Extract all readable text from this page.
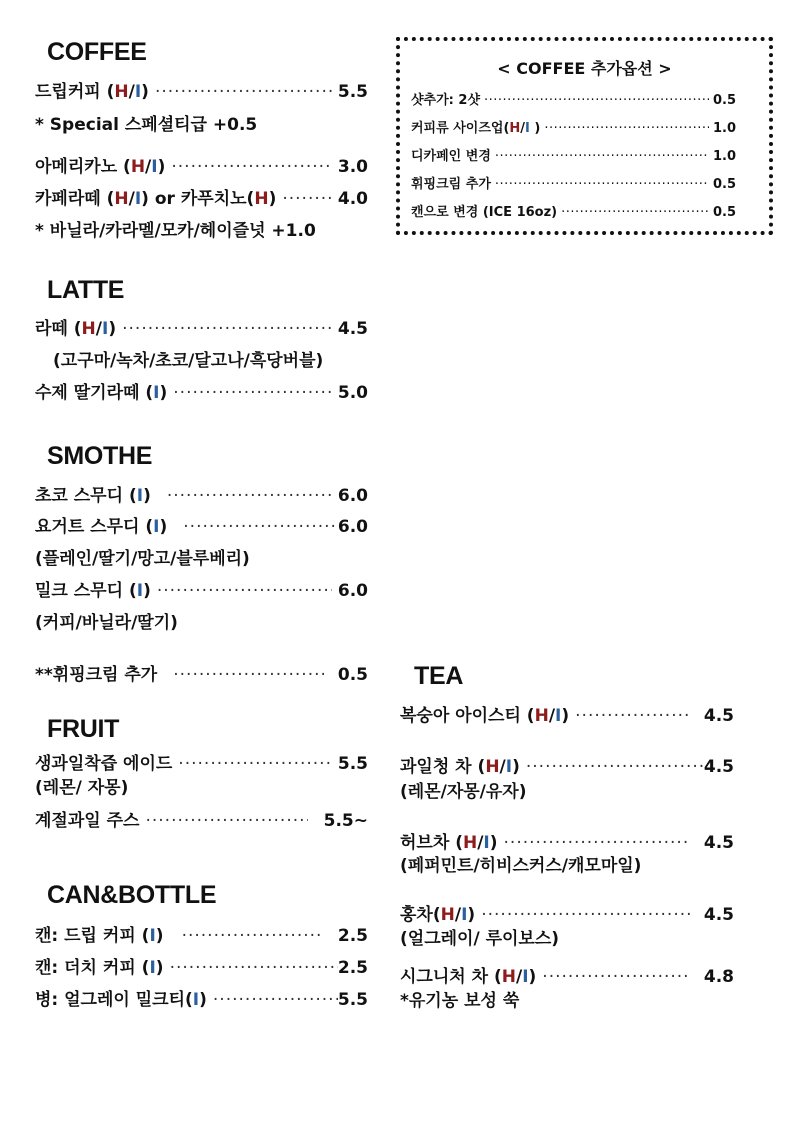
COFFEE
드립커피 (H/I) ·····	5.5
* Special 스페셜티급 +0.5
아메리카노 (H/I) ·····	3.0
카페라떼 (H/I) or 카푸치노(H) ·····	4.0
* 바닐라/카라멜/모카/헤이즐넛 +1.0
< COFFEE 추가옵션 >
샷추가: 2샷 ·····	0.5
커피류 사이즈업(H/I ) ·····	1.0
디카페인 변경 ·····	1.0
휘핑크림 추가 ·····	0.5
캔으로 변경 (ICE 16oz) ·····	0.5
LATTE
라떼 (H/I) ·····	4.5
(고구마/녹차/초코/달고나/흑당버블)
수제 딸기라떼 (I) ·····	5.0
SMOTHE
초코 스무디 (I) ·····	6.0
요거트 스무디 (I) ·····	6.0
(플레인/딸기/망고/블루베리)
밀크 스무디 (I) ·····	6.0
(커피/바닐라/딸기)
**휘핑크림 추가 ·····	0.5
FRUIT
생과일착즙 에이드 ·····	5.5
(레몬/ 자몽)
계절과일 주스 ·····	5.5~
CAN&BOTTLE
캔: 드립 커피 (I) ·····	2.5
캔: 더치 커피 (I) ·····	2.5
병: 얼그레이 밀크티(I) ·····	5.5
TEA
복숭아 아이스티 (H/I) ·····	4.5
과일청 차 (H/I) ·····	4.5
(레몬/자몽/유자)
허브차 (H/I) ·····	4.5
(페퍼민트/히비스커스/캐모마일)
홍차(H/I) ·····	4.5
(얼그레이/ 루이보스)
시그니처 차 (H/I) ·····	4.8
*유기농 보성 쑥
